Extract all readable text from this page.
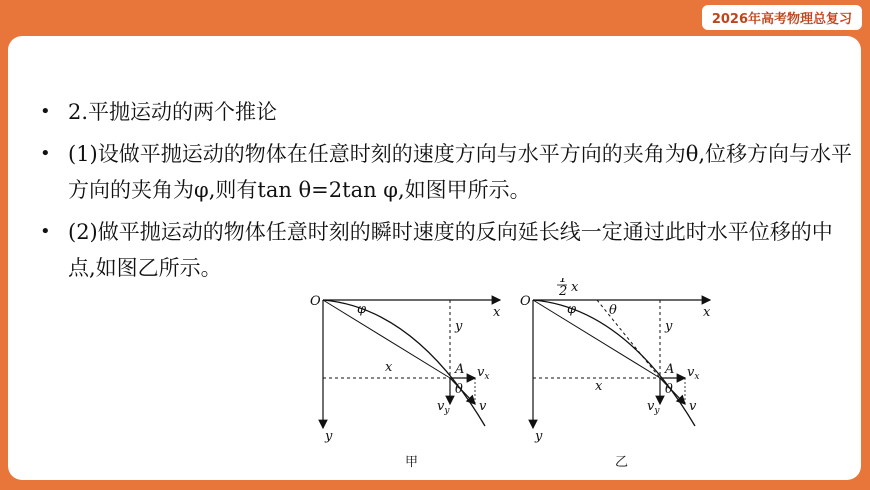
2026年高考物理总复习
• 2.平抛运动的两个推论
• (1)设做平抛运动的物体在任意时刻的速度方向与水平方向的夹角为θ,位移方向与水平方向的夹角为φ,则有tan θ=2tan φ,如图甲所示。
• (2)做平抛运动的物体任意时刻的瞬时速度的反向延长线一定通过此时水平位移的中点,如图乙所示。
O
φ	x
y
x	A $v_x$
θ
$v_y$ v
y
甲
O
1
2 x
φ	θ	x
y
x
A $v_x$
θ
$v_y$ v
y
乙
